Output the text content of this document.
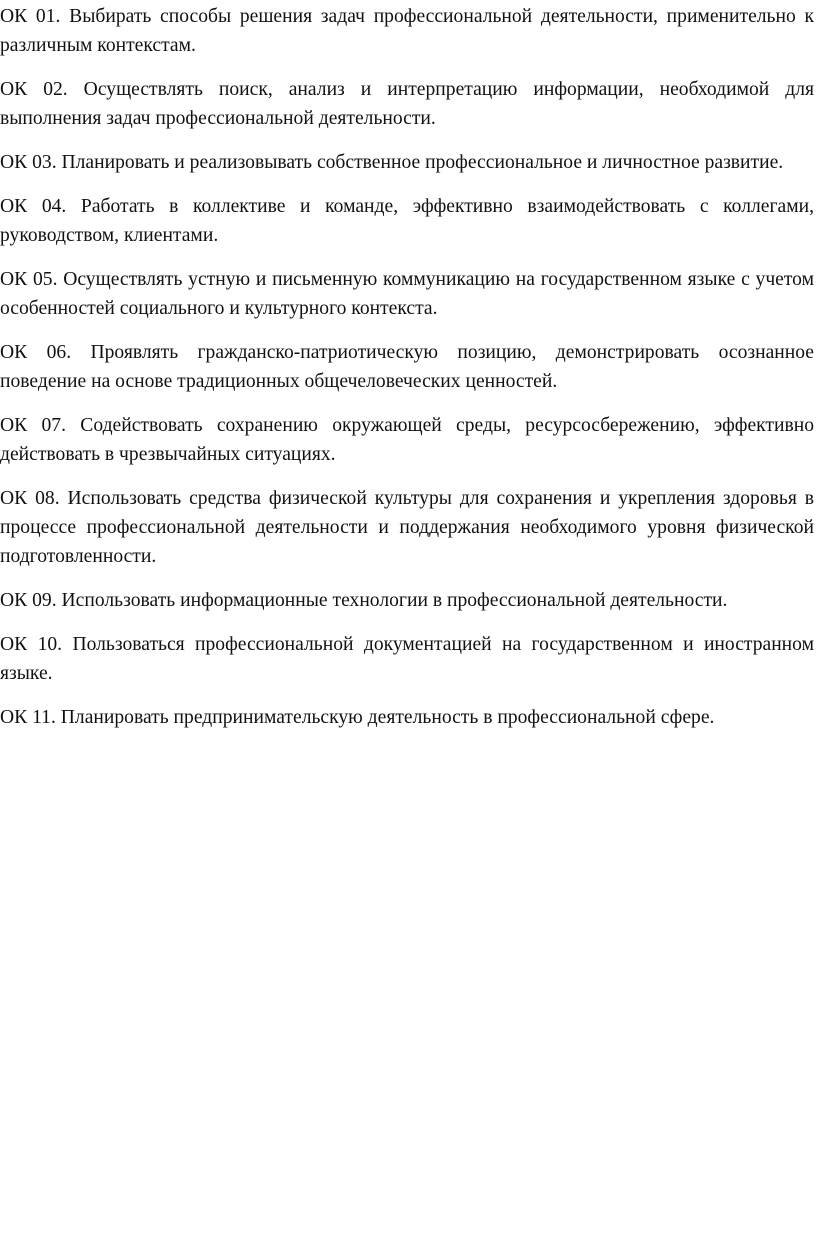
ОК 01. Выбирать способы решения задач профессиональной деятельности, применительно к различным контекстам.
ОК 02. Осуществлять поиск, анализ и интерпретацию информации, необходимой для выполнения задач профессиональной деятельности.
ОК 03. Планировать и реализовывать собственное профессиональное и личностное развитие.
ОК 04. Работать в коллективе и команде, эффективно взаимодействовать с коллегами, руководством, клиентами.
ОК 05. Осуществлять устную и письменную коммуникацию на государственном языке с учетом особенностей социального и культурного контекста.
ОК 06. Проявлять гражданско-патриотическую позицию, демонстрировать осознанное поведение на основе традиционных общечеловеческих ценностей.
ОК 07. Содействовать сохранению окружающей среды, ресурсосбережению, эффективно действовать в чрезвычайных ситуациях.
ОК 08. Использовать средства физической культуры для сохранения и укрепления здоровья в процессе профессиональной деятельности и поддержания необходимого уровня физической подготовленности.
ОК 09. Использовать информационные технологии в профессиональной деятельности.
ОК 10. Пользоваться профессиональной документацией на государственном и иностранном языке.
ОК 11. Планировать предпринимательскую деятельность в профессиональной сфере.
